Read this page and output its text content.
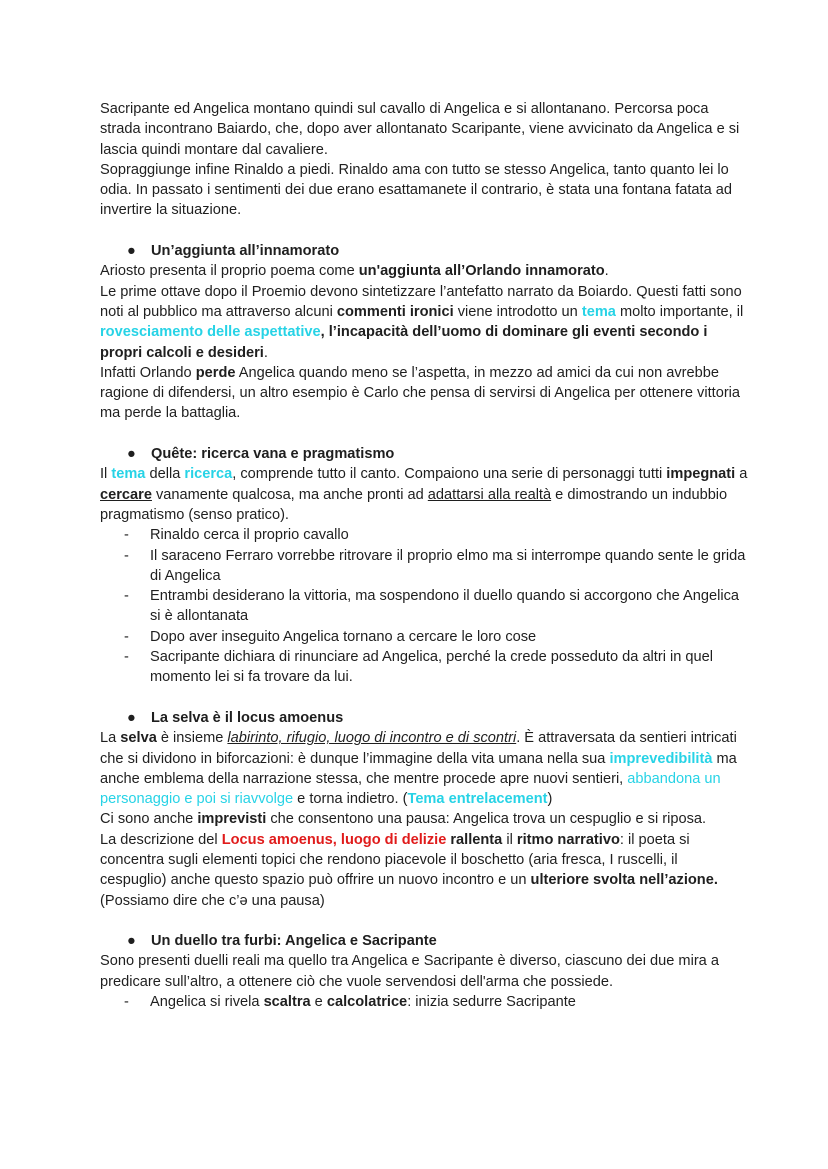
Sacripante ed Angelica montano quindi sul cavallo di Angelica e si allontanano. Percorsa poca strada incontrano Baiardo, che, dopo aver allontanato Scaripante, viene avvicinato da Angelica e si lascia quindi montare dal cavaliere.

Sopraggiunge infine Rinaldo a piedi. Rinaldo ama con tutto se stesso Angelica, tanto quanto lei lo odia. In passato i sentimenti dei due erano esattamanete il contrario, è stata una fontana fatata ad invertire la situazione.

●	Un’aggiunta all’innamorato

Ariosto presenta il proprio poema come un'aggiunta all’Orlando innamorato.

Le prime ottave dopo il Proemio devono sintetizzare l’antefatto narrato da Boiardo. Questi fatti sono noti al pubblico ma attraverso alcuni commenti ironici viene introdotto un tema molto importante, il rovesciamento delle aspettative, l’incapacità dell’uomo di dominare gli eventi secondo i propri calcoli e desideri.

Infatti Orlando perde Angelica quando meno se l’aspetta, in mezzo ad amici da cui non avrebbe ragione di difendersi, un altro esempio è Carlo che pensa di servirsi di Angelica per ottenere vittoria ma perde la battaglia.

●	Quête: ricerca vana e pragmatismo

Il tema della ricerca, comprende tutto il canto. Compaiono una serie di personaggi tutti impegnati a cercare vanamente qualcosa, ma anche pronti ad adattarsi alla realtà e dimostrando un indubbio pragmatismo (senso pratico).

- Rinaldo cerca il proprio cavallo
- Il saraceno Ferraro vorrebbe ritrovare il proprio elmo ma si interrompe quando sente le grida di Angelica
- Entrambi desiderano la vittoria, ma sospendono il duello quando si accorgono che Angelica si è allontanata
- Dopo aver inseguito Angelica tornano a cercare le loro cose
- Sacripante dichiara di rinunciare ad Angelica, perché la crede posseduto da altri in quel momento lei si fa trovare da lui.
●	La selva è il locus amoenus

La selva è insieme labirinto, rifugio, luogo di incontro e di scontri. È attraversata da sentieri intricati che si dividono in biforcazioni: è dunque l’immagine della vita umana nella sua imprevedibilità ma anche emblema della narrazione stessa, che mentre procede apre nuovi sentieri, abbandona un personaggio e poi si riavvolge e torna indietro. (Tema entrelacement)

Ci sono anche imprevisti che consentono una pausa: Angelica trova un cespuglio e si riposa.

La descrizione del Locus amoenus, luogo di delizie rallenta il ritmo narrativo: il poeta si concentra sugli elementi topici che rendono piacevole il boschetto (aria fresca, I ruscelli, il cespuglio) anche questo spazio può offrire un nuovo incontro e un ulteriore svolta nell’azione. (Possiamo dire che c’ə una pausa)

●	Un duello tra furbi: Angelica e Sacripante

Sono presenti duelli reali ma quello tra Angelica e Sacripante è diverso, ciascuno dei due mira a predicare sull’altro, a ottenere ciò che vuole servendosi dell'arma che possiede.

- Angelica si rivela scaltra e calcolatrice: inizia sedurre Sacripante
